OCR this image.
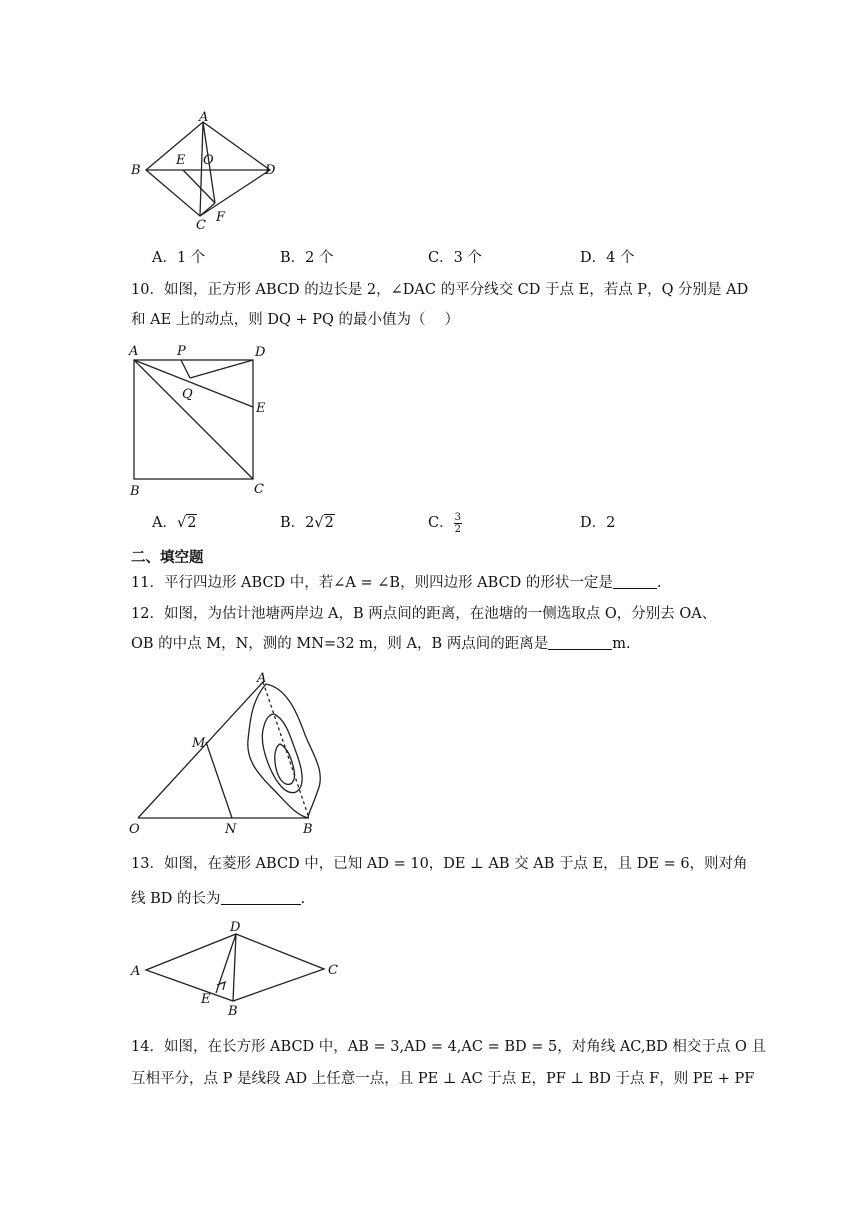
A
B
C
D
E O
F
A．1 个	B．2 个	C．3 个	D．4 个
10．如图，正方形 ABCD 的边长是 2，∠DAC 的平分线交 CD 于点 E，若点 P，Q 分别是 AD
和 AE 上的动点，则 DQ + PQ 的最小值为（　 ）
A	P	D
Q
E
B	C
A．√2	B．2√2	C． $\frac{3}{2}$	D．2
二、填空题
11．平行四边形 ABCD 中，若∠A = ∠B，则四边形 ABCD 的形状一定是	.
12．如图，为估计池塘两岸边 A，B 两点间的距离，在池塘的一侧选取点 O，分别去 OA、
OB 的中点 M，N，测的 MN=32 m，则 A，B 两点间的距离是	m.
A
M
O	N	B
13．如图，在菱形 ABCD 中，已知 AD = 10，DE ⊥ AB 交 AB 于点 E，且 DE = 6，则对角
线 BD 的长为	.
D
A	C
E
B
14．如图，在长方形 ABCD 中，AB = 3,AD = 4,AC = BD = 5，对角线 AC,BD 相交于点 O 且
互相平分，点 P 是线段 AD 上任意一点，且 PE ⊥ AC 于点 E，PF ⊥ BD 于点 F，则 PE + PF
